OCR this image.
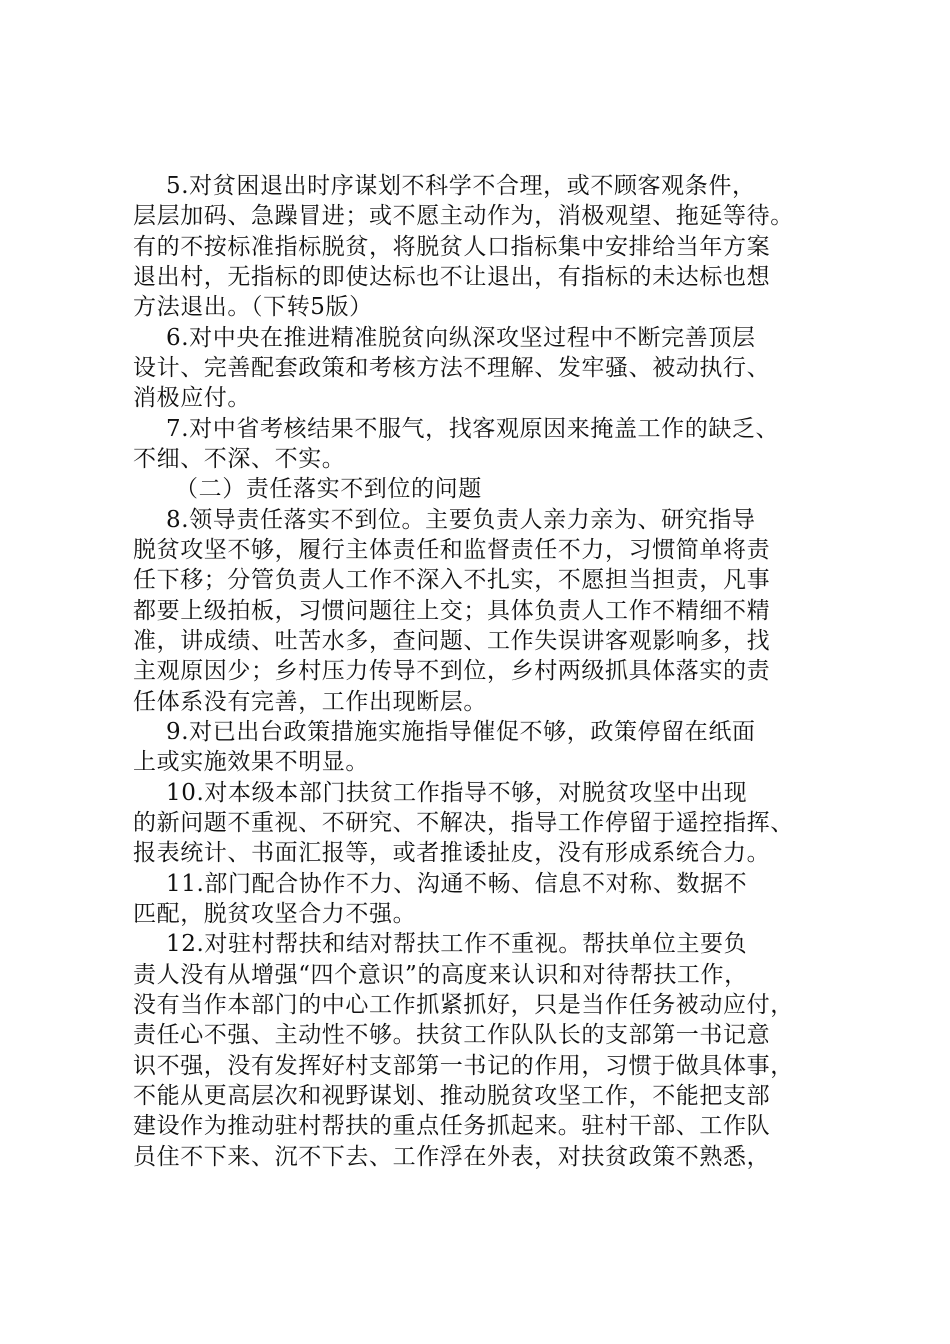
5.对贫困退出时序谋划不科学不合理，或不顾客观条件，
层层加码、急躁冒进；或不愿主动作为，消极观望、拖延等待。
有的不按标准指标脱贫，将脱贫人口指标集中安排给当年方案
退出村，无指标的即使达标也不让退出，有指标的未达标也想
方法退出。（下转5版）
6.对中央在推进精准脱贫向纵深攻坚过程中不断完善顶层
设计、完善配套政策和考核方法不理解、发牢骚、被动执行、
消极应付。
7.对中省考核结果不服气，找客观原因来掩盖工作的缺乏、
不细、不深、不实。
（二）责任落实不到位的问题
8.领导责任落实不到位。主要负责人亲力亲为、研究指导
脱贫攻坚不够，履行主体责任和监督责任不力，习惯简单将责
任下移；分管负责人工作不深入不扎实，不愿担当担责，凡事
都要上级拍板，习惯问题往上交；具体负责人工作不精细不精
准，讲成绩、吐苦水多，查问题、工作失误讲客观影响多，找
主观原因少；乡村压力传导不到位，乡村两级抓具体落实的责
任体系没有完善，工作出现断层。
9.对已出台政策措施实施指导催促不够，政策停留在纸面
上或实施效果不明显。
10.对本级本部门扶贫工作指导不够，对脱贫攻坚中出现
的新问题不重视、不研究、不解决，指导工作停留于遥控指挥、
报表统计、书面汇报等，或者推诿扯皮，没有形成系统合力。
11.部门配合协作不力、沟通不畅、信息不对称、数据不
匹配，脱贫攻坚合力不强。
12.对驻村帮扶和结对帮扶工作不重视。帮扶单位主要负
责人没有从增强“四个意识”的高度来认识和对待帮扶工作，
没有当作本部门的中心工作抓紧抓好，只是当作任务被动应付，
责任心不强、主动性不够。扶贫工作队队长的支部第一书记意
识不强，没有发挥好村支部第一书记的作用，习惯于做具体事，
不能从更高层次和视野谋划、推动脱贫攻坚工作，不能把支部
建设作为推动驻村帮扶的重点任务抓起来。驻村干部、工作队
员住不下来、沉不下去、工作浮在外表，对扶贫政策不熟悉，
